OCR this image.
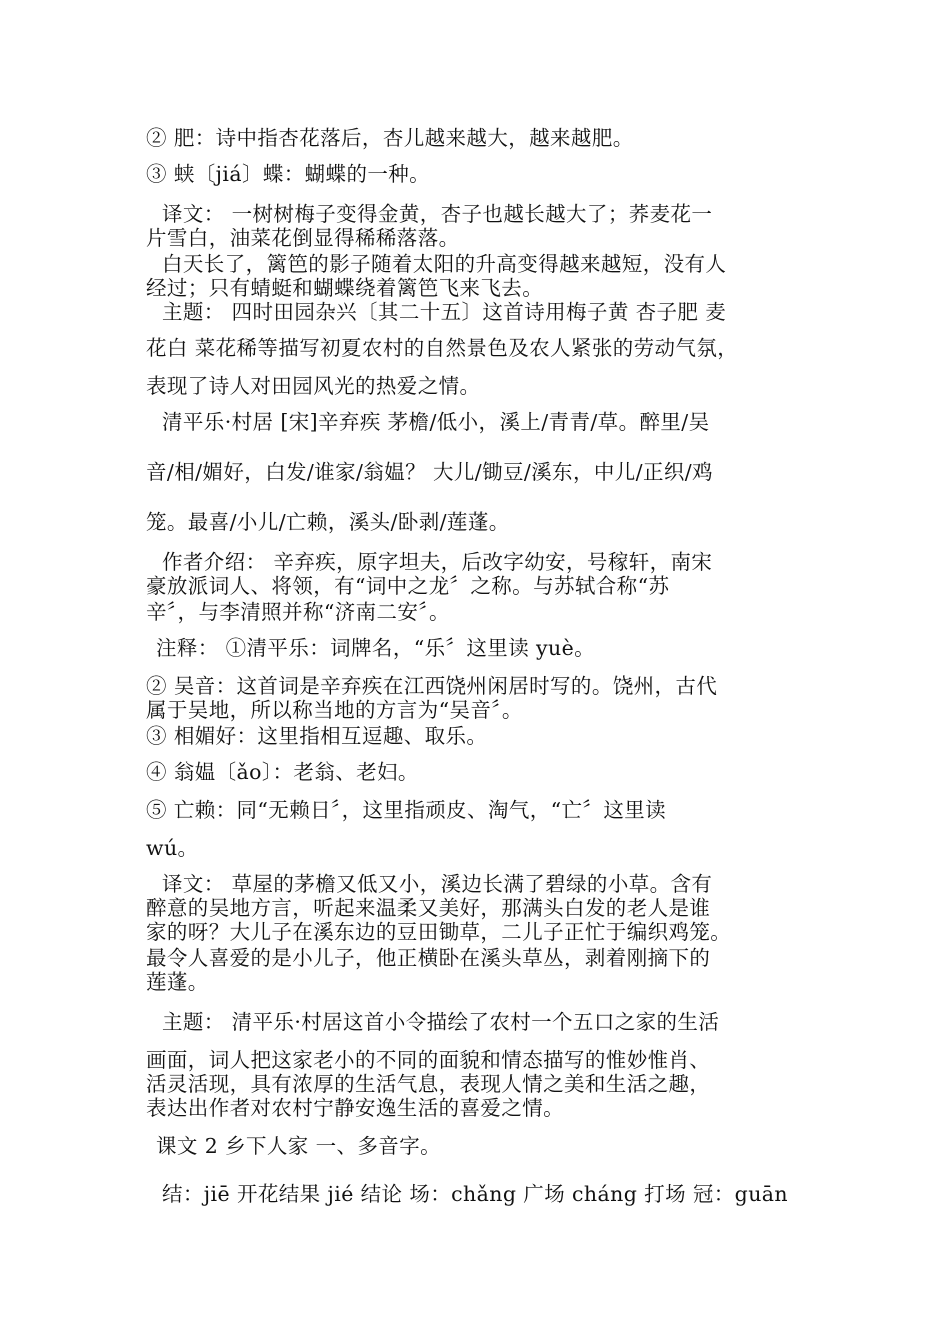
② 肥：诗中指杏花落后，杏儿越来越大，越来越肥。
③ 蛱〔jiá〕蝶：蝴蝶的一种。
译文： 一树树梅子变得金黄，杏子也越长越大了；荞麦花一
片雪白，油菜花倒显得稀稀落落。
白天长了，篱笆的影子随着太阳的升高变得越来越短，没有人
经过；只有蜻蜓和蝴蝶绕着篱笆飞来飞去。
主题： 四时田园杂兴〔其二十五〕这首诗用梅子黄 杏子肥 麦
花白 菜花稀等描写初夏农村的自然景色及农人紧张的劳动气氛，
表现了诗人对田园风光的热爱之情。
清平乐·村居 [宋]辛弃疾 茅檐/低小，溪上/青青/草。醉里/吴
音/相/媚好，白发/谁家/翁媪？ 大儿/锄豆/溪东，中儿/正织/鸡
笼。最喜/小儿/亡赖，溪头/卧剥/莲蓬。
作者介绍： 辛弃疾，原字坦夫，后改字幼安，号稼轩，南宋
豪放派词人、将领，有“词中之龙〞之称。与苏轼合称“苏
辛〞，与李清照并称“济南二安〞。
注释： ①清平乐：词牌名，“乐〞这里读 yuè。
② 吴音：这首词是辛弃疾在江西饶州闲居时写的。饶州，古代
属于吴地，所以称当地的方言为“吴音〞。
③ 相媚好：这里指相互逗趣、取乐。
④ 翁媪〔ǎo〕：老翁、老妇。
⑤ 亡赖：同“无赖日〞，这里指顽皮、淘气，“亡〞这里读
wú。
译文： 草屋的茅檐又低又小，溪边长满了碧绿的小草。含有
醉意的吴地方言，听起来温柔又美好，那满头白发的老人是谁
家的呀？大儿子在溪东边的豆田锄草，二儿子正忙于编织鸡笼。
最令人喜爱的是小儿子，他正横卧在溪头草丛，剥着刚摘下的
莲蓬。
主题： 清平乐·村居这首小令描绘了农村一个五口之家的生活
画面，词人把这家老小的不同的面貌和情态描写的惟妙惟肖、
活灵活现，具有浓厚的生活气息，表现人情之美和生活之趣，
表达出作者对农村宁静安逸生活的喜爱之情。
课文 2 乡下人家 一、多音字。
结：jiē 开花结果 jié 结论 场：chǎng 广场 cháng 打场 冠：guān
